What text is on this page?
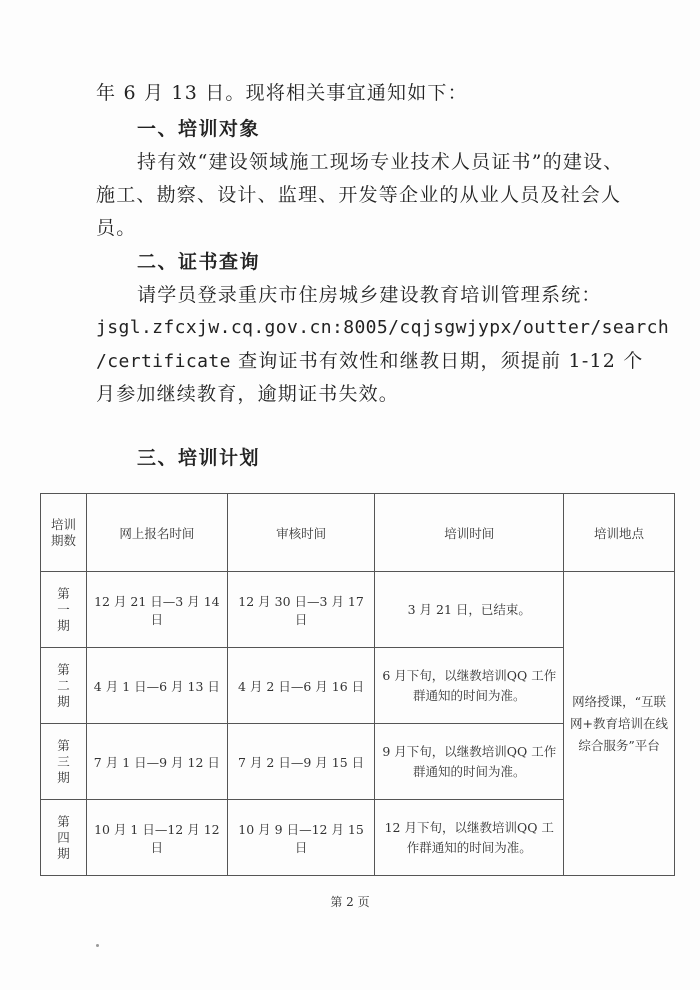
年 6 月 13 日。现将相关事宜通知如下：
一、培训对象
持有效“建设领域施工现场专业技术人员证书”的建设、
施工、勘察、设计、监理、开发等企业的从业人员及社会人
员。
二、证书查询
请学员登录重庆市住房城乡建设教育培训管理系统：
jsgl.zfcxjw.cq.gov.cn:8005/cqjsgwjypx/outter/search
/certificate 查询证书有效性和继教日期，须提前 1-12 个
月参加继续教育，逾期证书失效。
三、培训计划
培训期数	网上报名时间	审核时间	培训时间	培训地点
第一期	12 月 21 日—3 月 14 日	12 月 30 日—3 月 17 日	3 月 21 日，已结束。	网络授课，“互联网+教育培训在线综合服务”平台
第二期	4 月 1 日—6 月 13 日	4 月 2 日—6 月 16 日	6 月下旬，以继教培训QQ 工作群通知的时间为准。	
第三期	7 月 1 日—9 月 12 日	7 月 2 日—9 月 15 日	9 月下旬，以继教培训QQ 工作群通知的时间为准。	
第四期	10 月 1 日—12 月 12 日	10 月 9 日—12 月 15 日	12 月下旬，以继教培训QQ 工作群通知的时间为准。	
第 2 页
